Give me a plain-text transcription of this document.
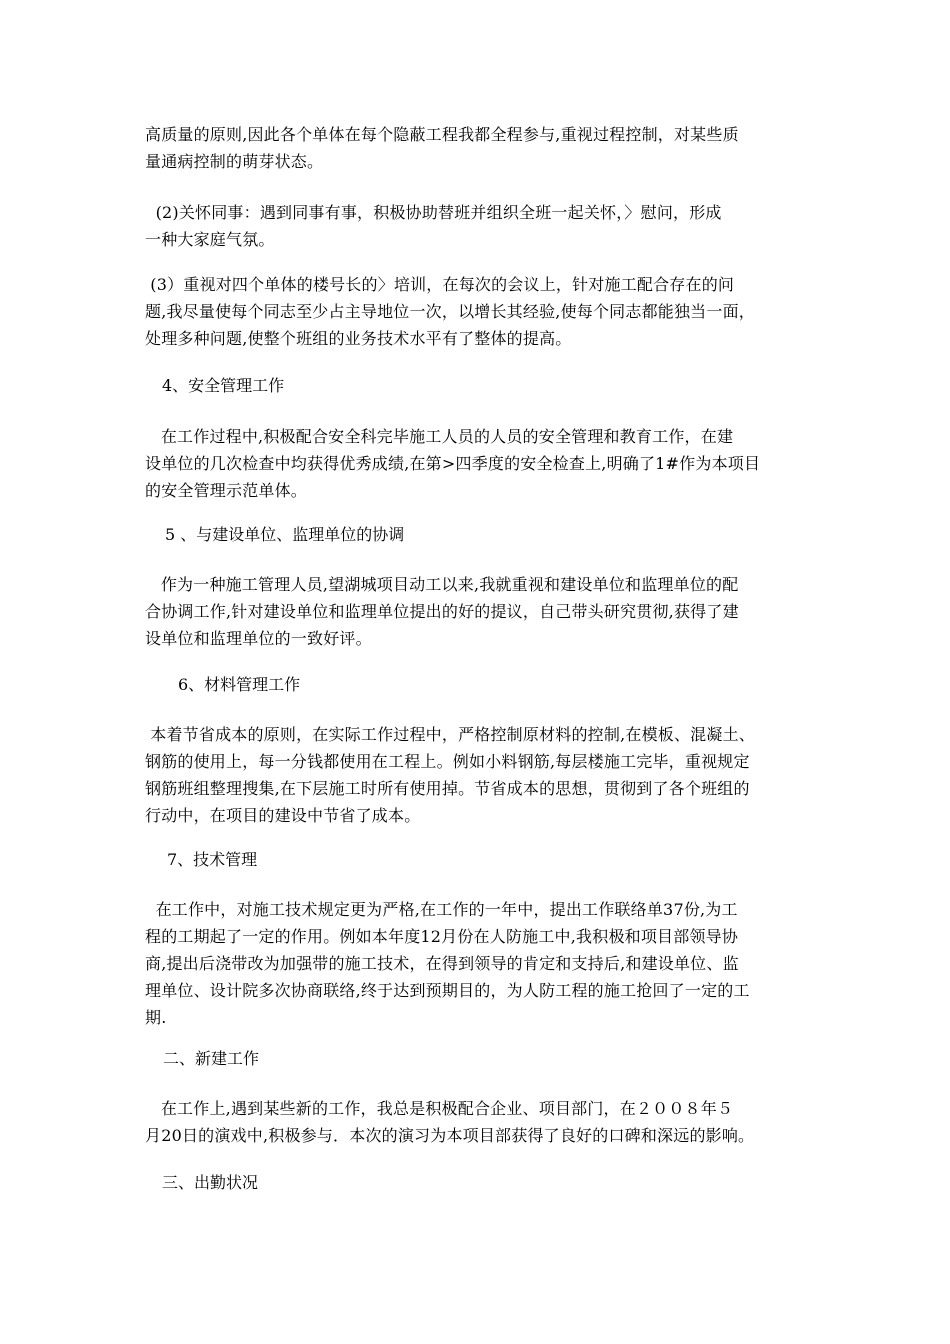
高质量的原则,因此各个单体在每个隐蔽工程我都全程参与,重视过程控制，对某些质
量通病控制的萌芽状态。
(2)关怀同事：遇到同事有事，积极协助替班并组织全班一起关怀，〉慰问，形成
一种大家庭气氛。
(3）重视对四个单体的楼号长的〉培训，在每次的会议上，针对施工配合存在的问
题,我尽量使每个同志至少占主导地位一次，以增长其经验,使每个同志都能独当一面，
处理多种问题,使整个班组的业务技术水平有了整体的提高。
4、安全管理工作
在工作过程中,积极配合安全科完毕施工人员的人员的安全管理和教育工作，在建
设单位的几次检查中均获得优秀成绩,在第>四季度的安全检查上,明确了1#作为本项目
的安全管理示范单体。
5 、与建设单位、监理单位的协调
作为一种施工管理人员,望湖城项目动工以来,我就重视和建设单位和监理单位的配
合协调工作,针对建设单位和监理单位提出的好的提议，自己带头研究贯彻,获得了建
设单位和监理单位的一致好评。
6、材料管理工作
本着节省成本的原则，在实际工作过程中，严格控制原材料的控制,在模板、混凝土、
钢筋的使用上，每一分钱都使用在工程上。例如小料钢筋,每层楼施工完毕，重视规定
钢筋班组整理搜集,在下层施工时所有使用掉。节省成本的思想，贯彻到了各个班组的
行动中，在项目的建设中节省了成本。
7、技术管理
在工作中，对施工技术规定更为严格,在工作的一年中，提出工作联络单37份,为工
程的工期起了一定的作用。例如本年度12月份在人防施工中,我积极和项目部领导协
商,提出后浇带改为加强带的施工技术，在得到领导的肯定和支持后,和建设单位、监
理单位、设计院多次协商联络,终于达到预期目的，为人防工程的施工抢回了一定的工
期.
二、新建工作
在工作上,遇到某些新的工作，我总是积极配合企业、项目部门，在２００８年５
月20日的演戏中,积极参与．本次的演习为本项目部获得了良好的口碑和深远的影响。
三、出勤状况
